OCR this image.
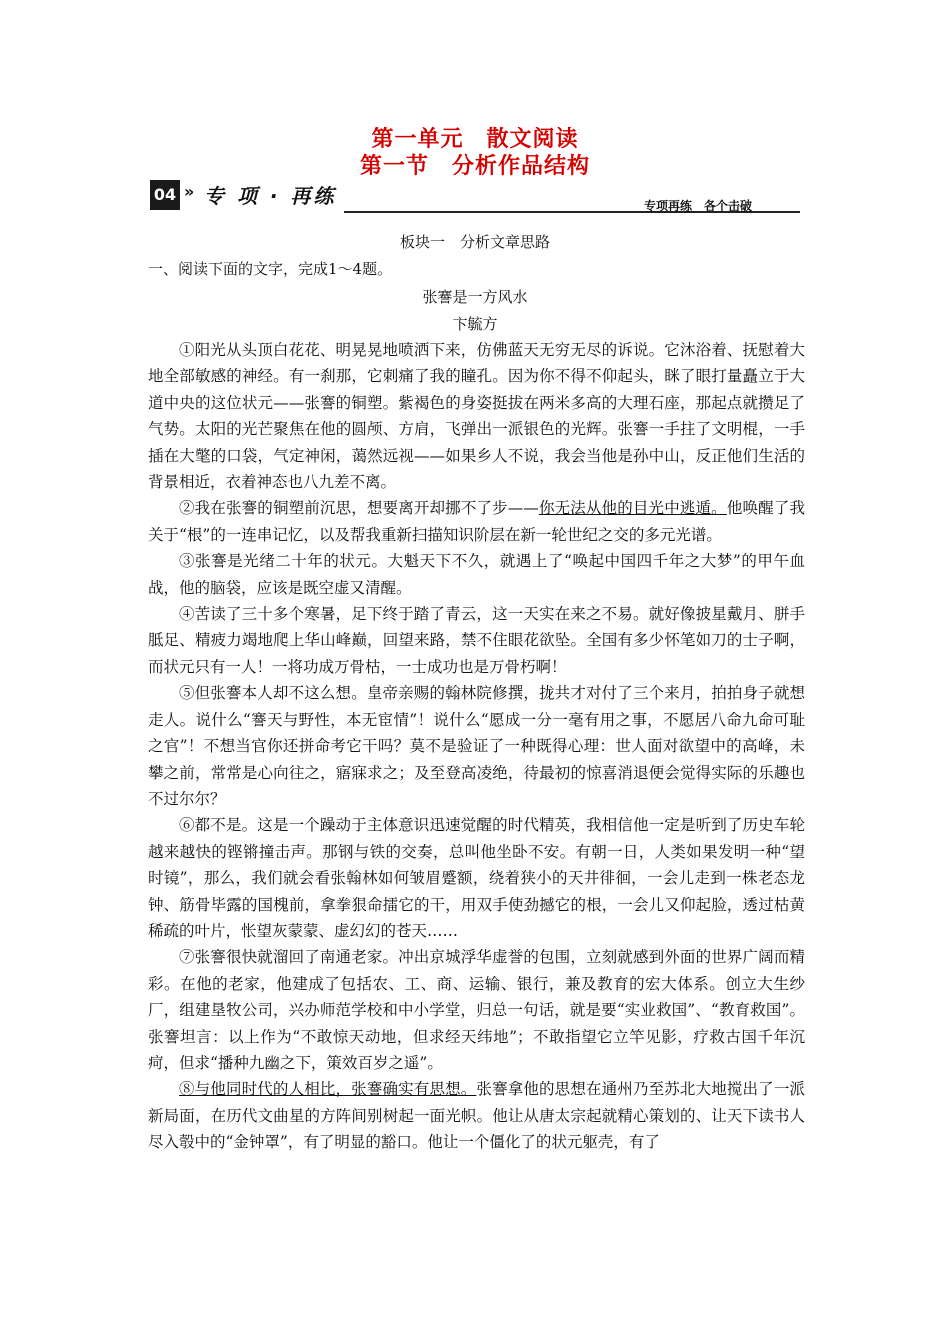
第一单元　散文阅读
第一节　分析作品结构
04 » 专 项 · 再练	专项再练　各个击破
板块一　分析文章思路
一、阅读下面的文字，完成1～4题。
张謇是一方风水
卞毓方

①阳光从头顶白花花、明晃晃地喷洒下来，仿佛蓝天无穷无尽的诉说。它沐浴着、抚慰着大地全部敏感的神经。有一刹那，它刺痛了我的瞳孔。因为你不得不仰起头，眯了眼打量矗立于大道中央的这位状元——张謇的铜塑。紫褐色的身姿挺拔在两米多高的大理石座，那起点就攒足了气势。太阳的光芒聚焦在他的圆颅、方肩，飞弹出一派银色的光辉。张謇一手拄了文明棍，一手插在大氅的口袋，气定神闲，蔼然远视——如果乡人不说，我会当他是孙中山，反正他们生活的背景相近，衣着神态也八九差不离。

②我在张謇的铜塑前沉思，想要离开却挪不了步——你无法从他的目光中逃遁。他唤醒了我关于“根”的一连串记忆，以及帮我重新扫描知识阶层在新一轮世纪之交的多元光谱。

③张謇是光绪二十年的状元。大魁天下不久，就遇上了“唤起中国四千年之大梦”的甲午血战，他的脑袋，应该是既空虚又清醒。

④苦读了三十多个寒暑，足下终于踏了青云，这一天实在来之不易。就好像披星戴月、胼手胝足、精疲力竭地爬上华山峰巅，回望来路，禁不住眼花欲坠。全国有多少怀笔如刀的士子啊，而状元只有一人！一将功成万骨枯，一士成功也是万骨朽啊！

⑤但张謇本人却不这么想。皇帝亲赐的翰林院修撰，拢共才对付了三个来月，拍拍身子就想走人。说什么“謇天与野性，本无宦情”！说什么“愿成一分一毫有用之事，不愿居八命九命可耻之官”！不想当官你还拼命考它干吗？莫不是验证了一种既得心理：世人面对欲望中的高峰，未攀之前，常常是心向往之，寤寐求之；及至登高凌绝，待最初的惊喜消退便会觉得实际的乐趣也不过尔尔？

⑥都不是。这是一个躁动于主体意识迅速觉醒的时代精英，我相信他一定是听到了历史车轮越来越快的铿锵撞击声。那钢与铁的交奏，总叫他坐卧不安。有朝一日，人类如果发明一种“望时镜”，那么，我们就会看张翰林如何皱眉蹙额，绕着狭小的天井徘徊，一会儿走到一株老态龙钟、筋骨毕露的国槐前，拿拳狠命擂它的干，用双手使劲撼它的根，一会儿又仰起脸，透过枯黄稀疏的叶片，怅望灰蒙蒙、虚幻幻的苍天……

⑦张謇很快就溜回了南通老家。冲出京城浮华虚誉的包围，立刻就感到外面的世界广阔而精彩。在他的老家，他建成了包括农、工、商、运输、银行，兼及教育的宏大体系。创立大生纱厂，组建垦牧公司，兴办师范学校和中小学堂，归总一句话，就是要“实业救国”、“教育救国”。张謇坦言：以上作为“不敢惊天动地，但求经天纬地”；不敢指望它立竿见影，疗救古国千年沉疴，但求“播种九幽之下，策效百岁之遥”。

⑧与他同时代的人相比，张謇确实有思想。张謇拿他的思想在通州乃至苏北大地搅出了一派新局面，在历代文曲星的方阵间别树起一面光帜。他让从唐太宗起就精心策划的、让天下读书人尽入彀中的“金钟罩”，有了明显的豁口。他让一个僵化了的状元躯壳，有了
